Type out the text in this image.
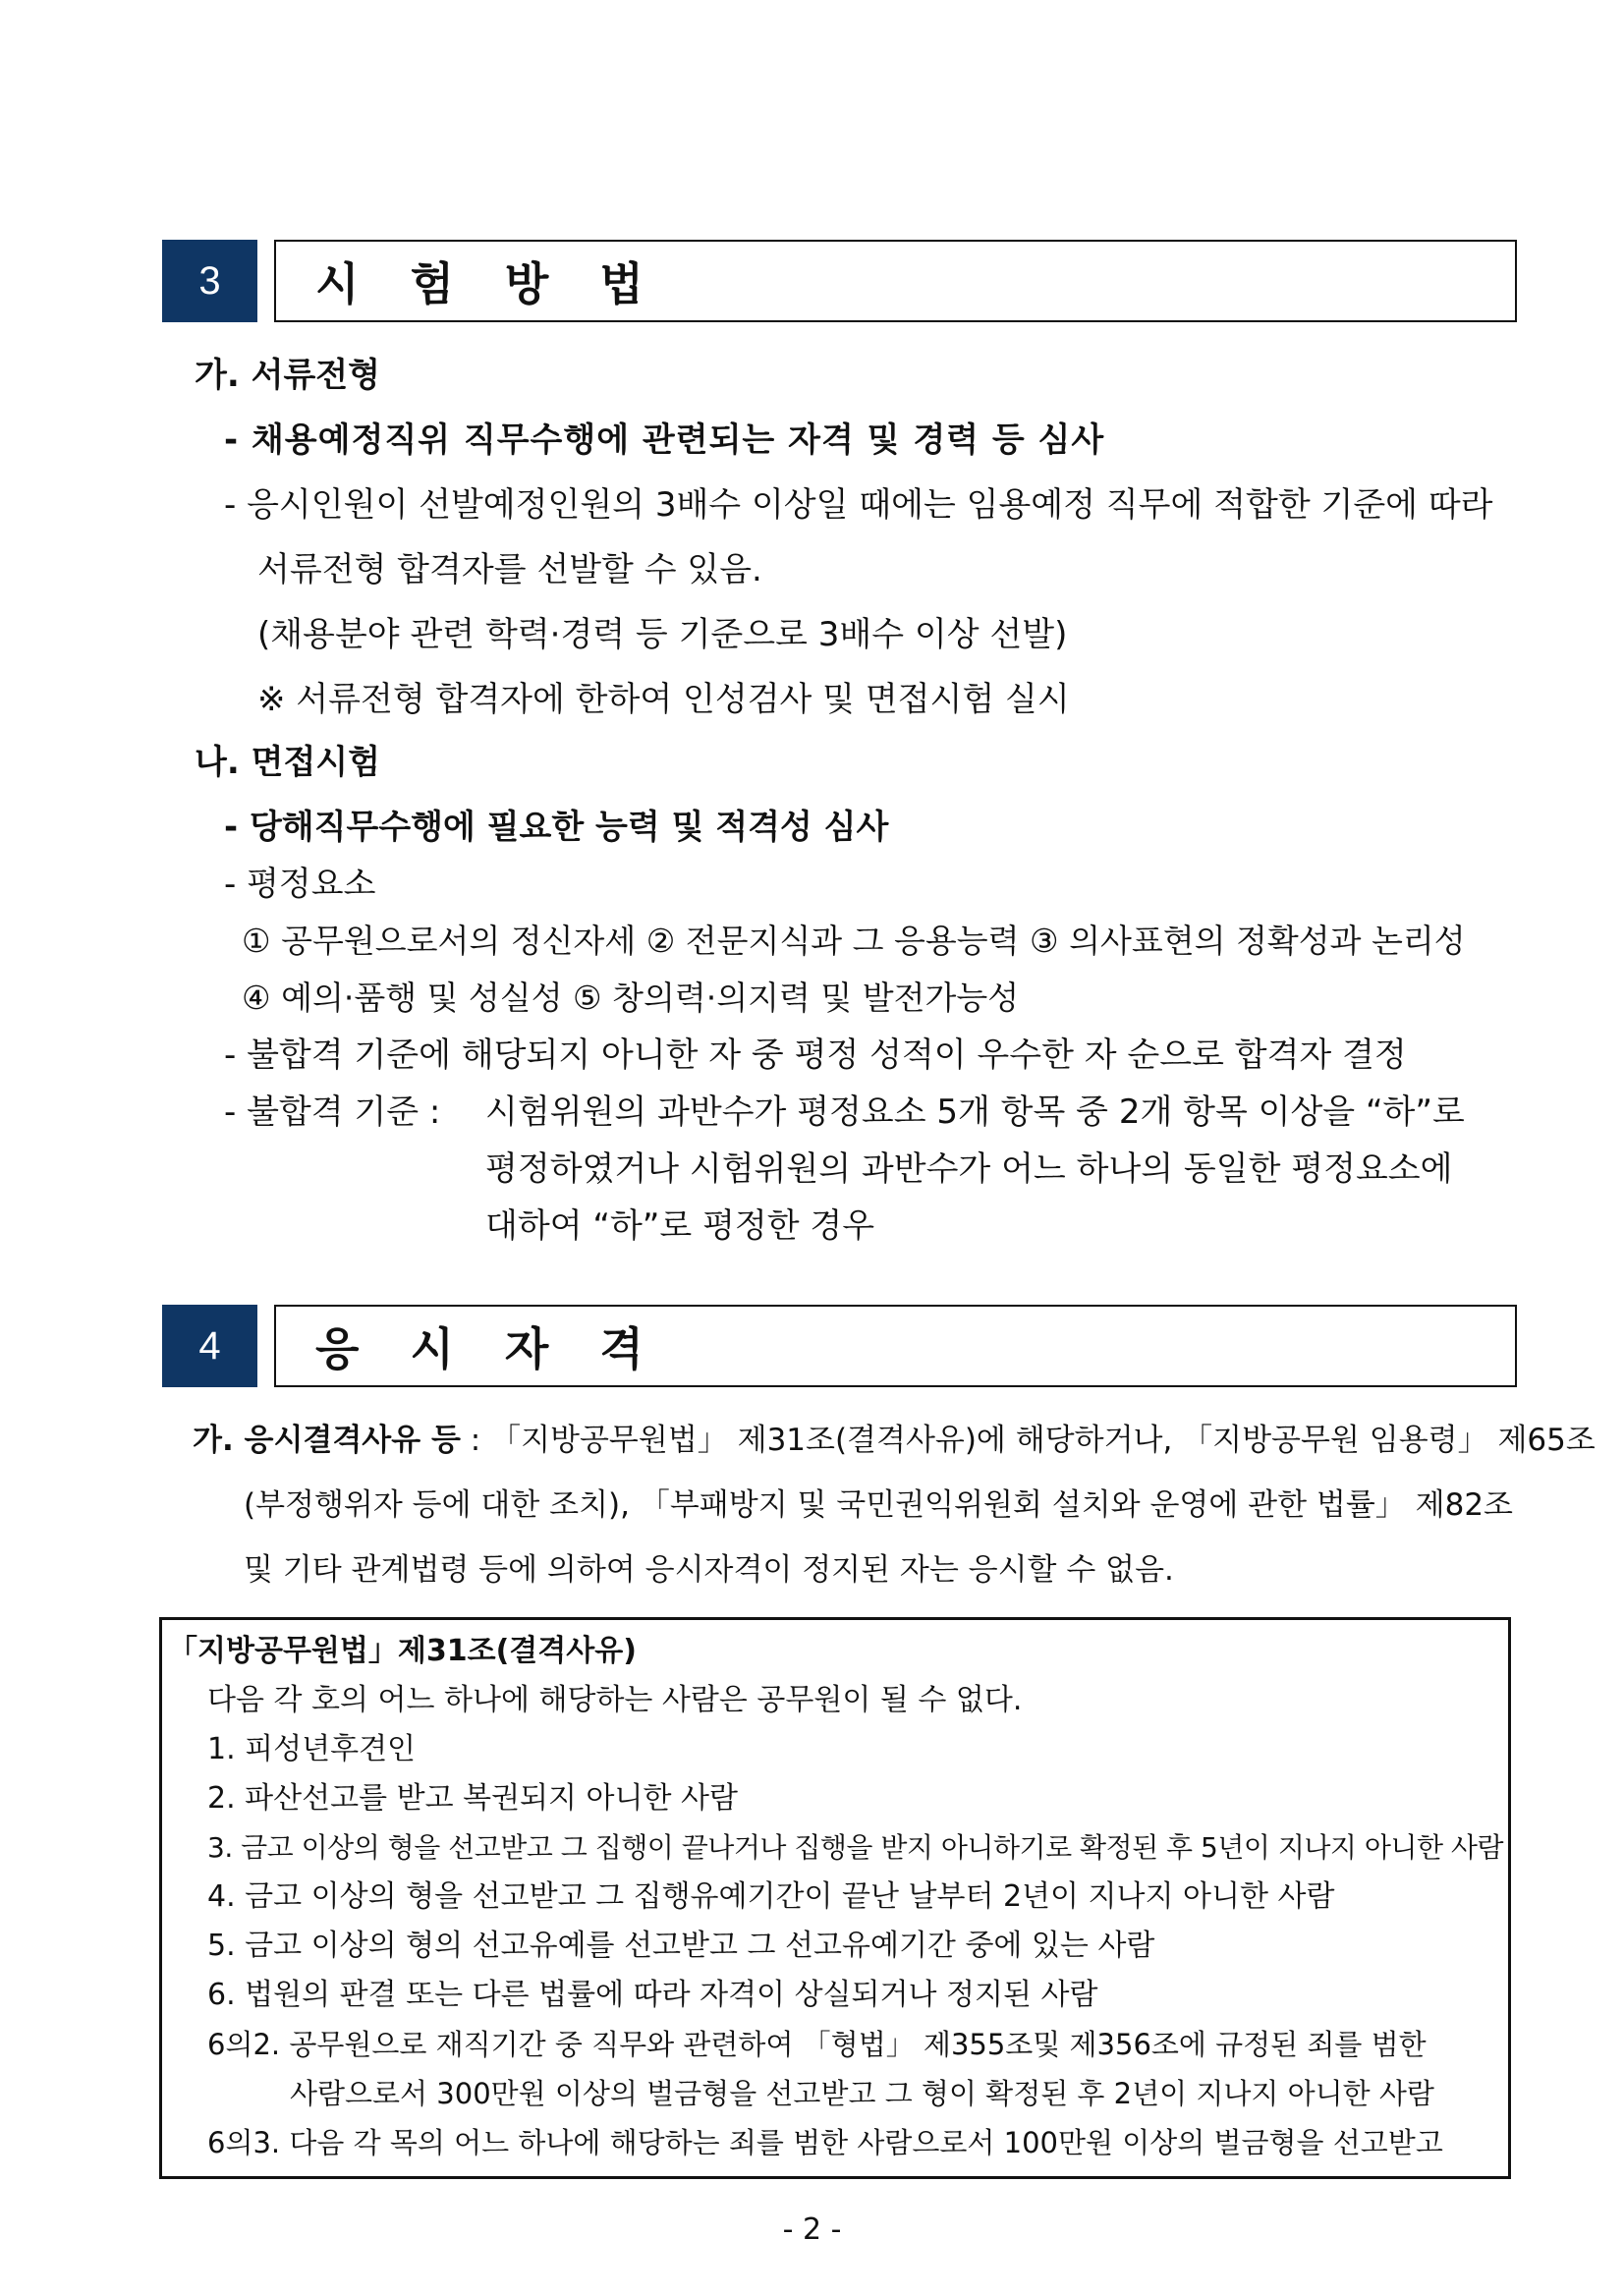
3	시 험 방 법
가. 서류전형
- 채용예정직위 직무수행에 관련되는 자격 및 경력 등 심사
- 응시인원이 선발예정인원의 3배수 이상일 때에는 임용예정 직무에 적합한 기준에 따라
서류전형 합격자를 선발할 수 있음.
(채용분야 관련 학력·경력 등 기준으로 3배수 이상 선발)
※ 서류전형 합격자에 한하여 인성검사 및 면접시험 실시
나. 면접시험
- 당해직무수행에 필요한 능력 및 적격성 심사
- 평정요소
① 공무원으로서의 정신자세 ② 전문지식과 그 응용능력 ③ 의사표현의 정확성과 논리성
④ 예의·품행 및 성실성 ⑤ 창의력·의지력 및 발전가능성
- 불합격 기준에 해당되지 아니한 자 중 평정 성적이 우수한 자 순으로 합격자 결정
- 불합격 기준 : 시험위원의 과반수가 평정요소 5개 항목 중 2개 항목 이상을 “하”로
평정하였거나 시험위원의 과반수가 어느 하나의 동일한 평정요소에
대하여 “하”로 평정한 경우
4	응 시 자 격
가. 응시결격사유 등 : 「지방공무원법」 제31조(결격사유)에 해당하거나, 「지방공무원 임용령」 제65조
(부정행위자 등에 대한 조치), 「부패방지 및 국민권익위원회 설치와 운영에 관한 법률」 제82조
및 기타 관계법령 등에 의하여 응시자격이 정지된 자는 응시할 수 없음.
「지방공무원법」제31조(결격사유)
다음 각 호의 어느 하나에 해당하는 사람은 공무원이 될 수 없다.
1. 피성년후견인
2. 파산선고를 받고 복권되지 아니한 사람
3. 금고 이상의 형을 선고받고 그 집행이 끝나거나 집행을 받지 아니하기로 확정된 후 5년이 지나지 아니한 사람
4. 금고 이상의 형을 선고받고 그 집행유예기간이 끝난 날부터 2년이 지나지 아니한 사람
5. 금고 이상의 형의 선고유예를 선고받고 그 선고유예기간 중에 있는 사람
6. 법원의 판결 또는 다른 법률에 따라 자격이 상실되거나 정지된 사람
6의2. 공무원으로 재직기간 중 직무와 관련하여 「형법」 제355조및 제356조에 규정된 죄를 범한
사람으로서 300만원 이상의 벌금형을 선고받고 그 형이 확정된 후 2년이 지나지 아니한 사람
6의3. 다음 각 목의 어느 하나에 해당하는 죄를 범한 사람으로서 100만원 이상의 벌금형을 선고받고
- 2 -
